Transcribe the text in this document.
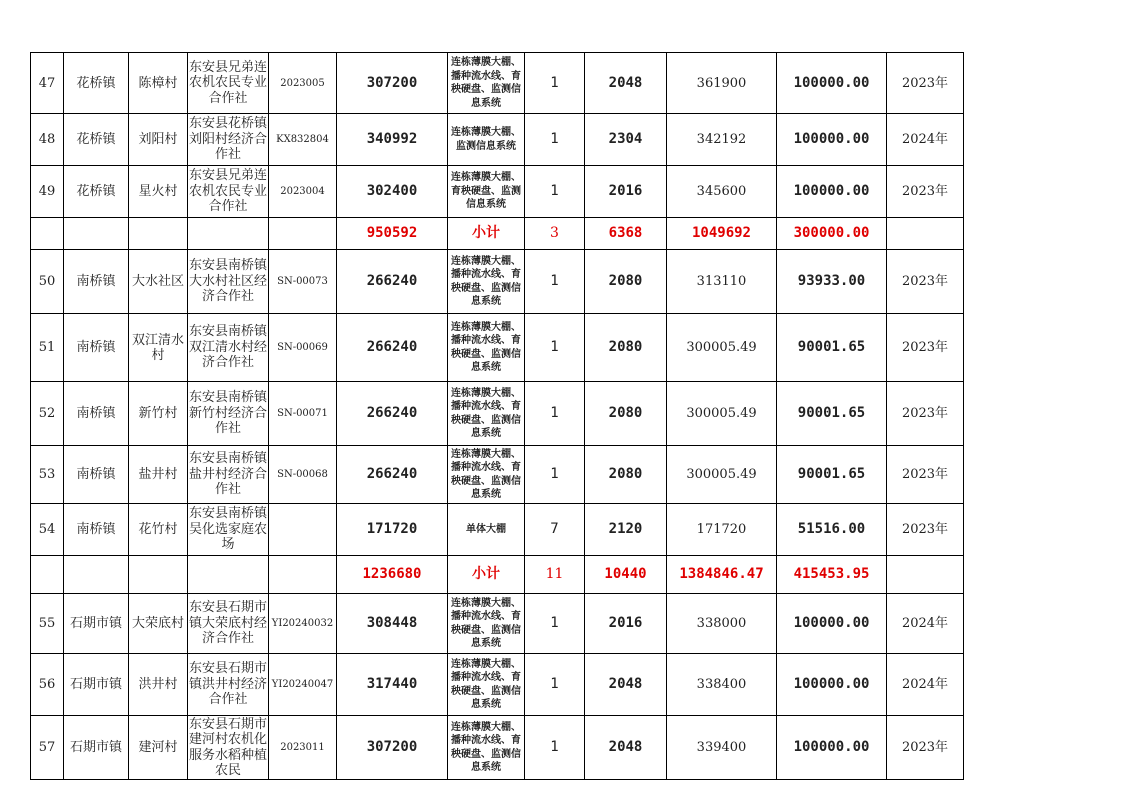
47	花桥镇	陈樟村	东安县兄弟连农机农民专业合作社	2023005	307200	连栋薄膜大棚、播种流水线、育秧硬盘、监测信息系统	1	2048	361900	100000.00	2023年
48	花桥镇	刘阳村	东安县花桥镇刘阳村经济合作社	KX832804	340992	连栋薄膜大棚、监测信息系统	1	2304	342192	100000.00	2024年
49	花桥镇	星火村	东安县兄弟连农机农民专业合作社	2023004	302400	连栋薄膜大棚、育秧硬盘、监测信息系统	1	2016	345600	100000.00	2023年
					950592	小计	3	6368	1049692	300000.00	
50	南桥镇	大水社区	东安县南桥镇大水村社区经济合作社	SN-00073	266240	连栋薄膜大棚、播种流水线、育秧硬盘、监测信息系统	1	2080	313110	93933.00	2023年
51	南桥镇	双江清水村	东安县南桥镇双江清水村经济合作社	SN-00069	266240	连栋薄膜大棚、播种流水线、育秧硬盘、监测信息系统	1	2080	300005.49	90001.65	2023年
52	南桥镇	新竹村	东安县南桥镇新竹村经济合作社	SN-00071	266240	连栋薄膜大棚、播种流水线、育秧硬盘、监测信息系统	1	2080	300005.49	90001.65	2023年
53	南桥镇	盐井村	东安县南桥镇盐井村经济合作社	SN-00068	266240	连栋薄膜大棚、播种流水线、育秧硬盘、监测信息系统	1	2080	300005.49	90001.65	2023年
54	南桥镇	花竹村	东安县南桥镇吴化选家庭农场		171720	单体大棚	7	2120	171720	51516.00	2023年
					1236680	小计	11	10440	1384846.47	415453.95	
55	石期市镇	大荣底村	东安县石期市镇大荣底村经济合作社	YI20240032	308448	连栋薄膜大棚、播种流水线、育秧硬盘、监测信息系统	1	2016	338000	100000.00	2024年
56	石期市镇	洪井村	东安县石期市镇洪井村经济合作社	YI20240047	317440	连栋薄膜大棚、播种流水线、育秧硬盘、监测信息系统	1	2048	338400	100000.00	2024年
57	石期市镇	建河村	东安县石期市建河村农机化服务水稻种植农民	2023011	307200	连栋薄膜大棚、播种流水线、育秧硬盘、监测信息系统	1	2048	339400	100000.00	2023年
